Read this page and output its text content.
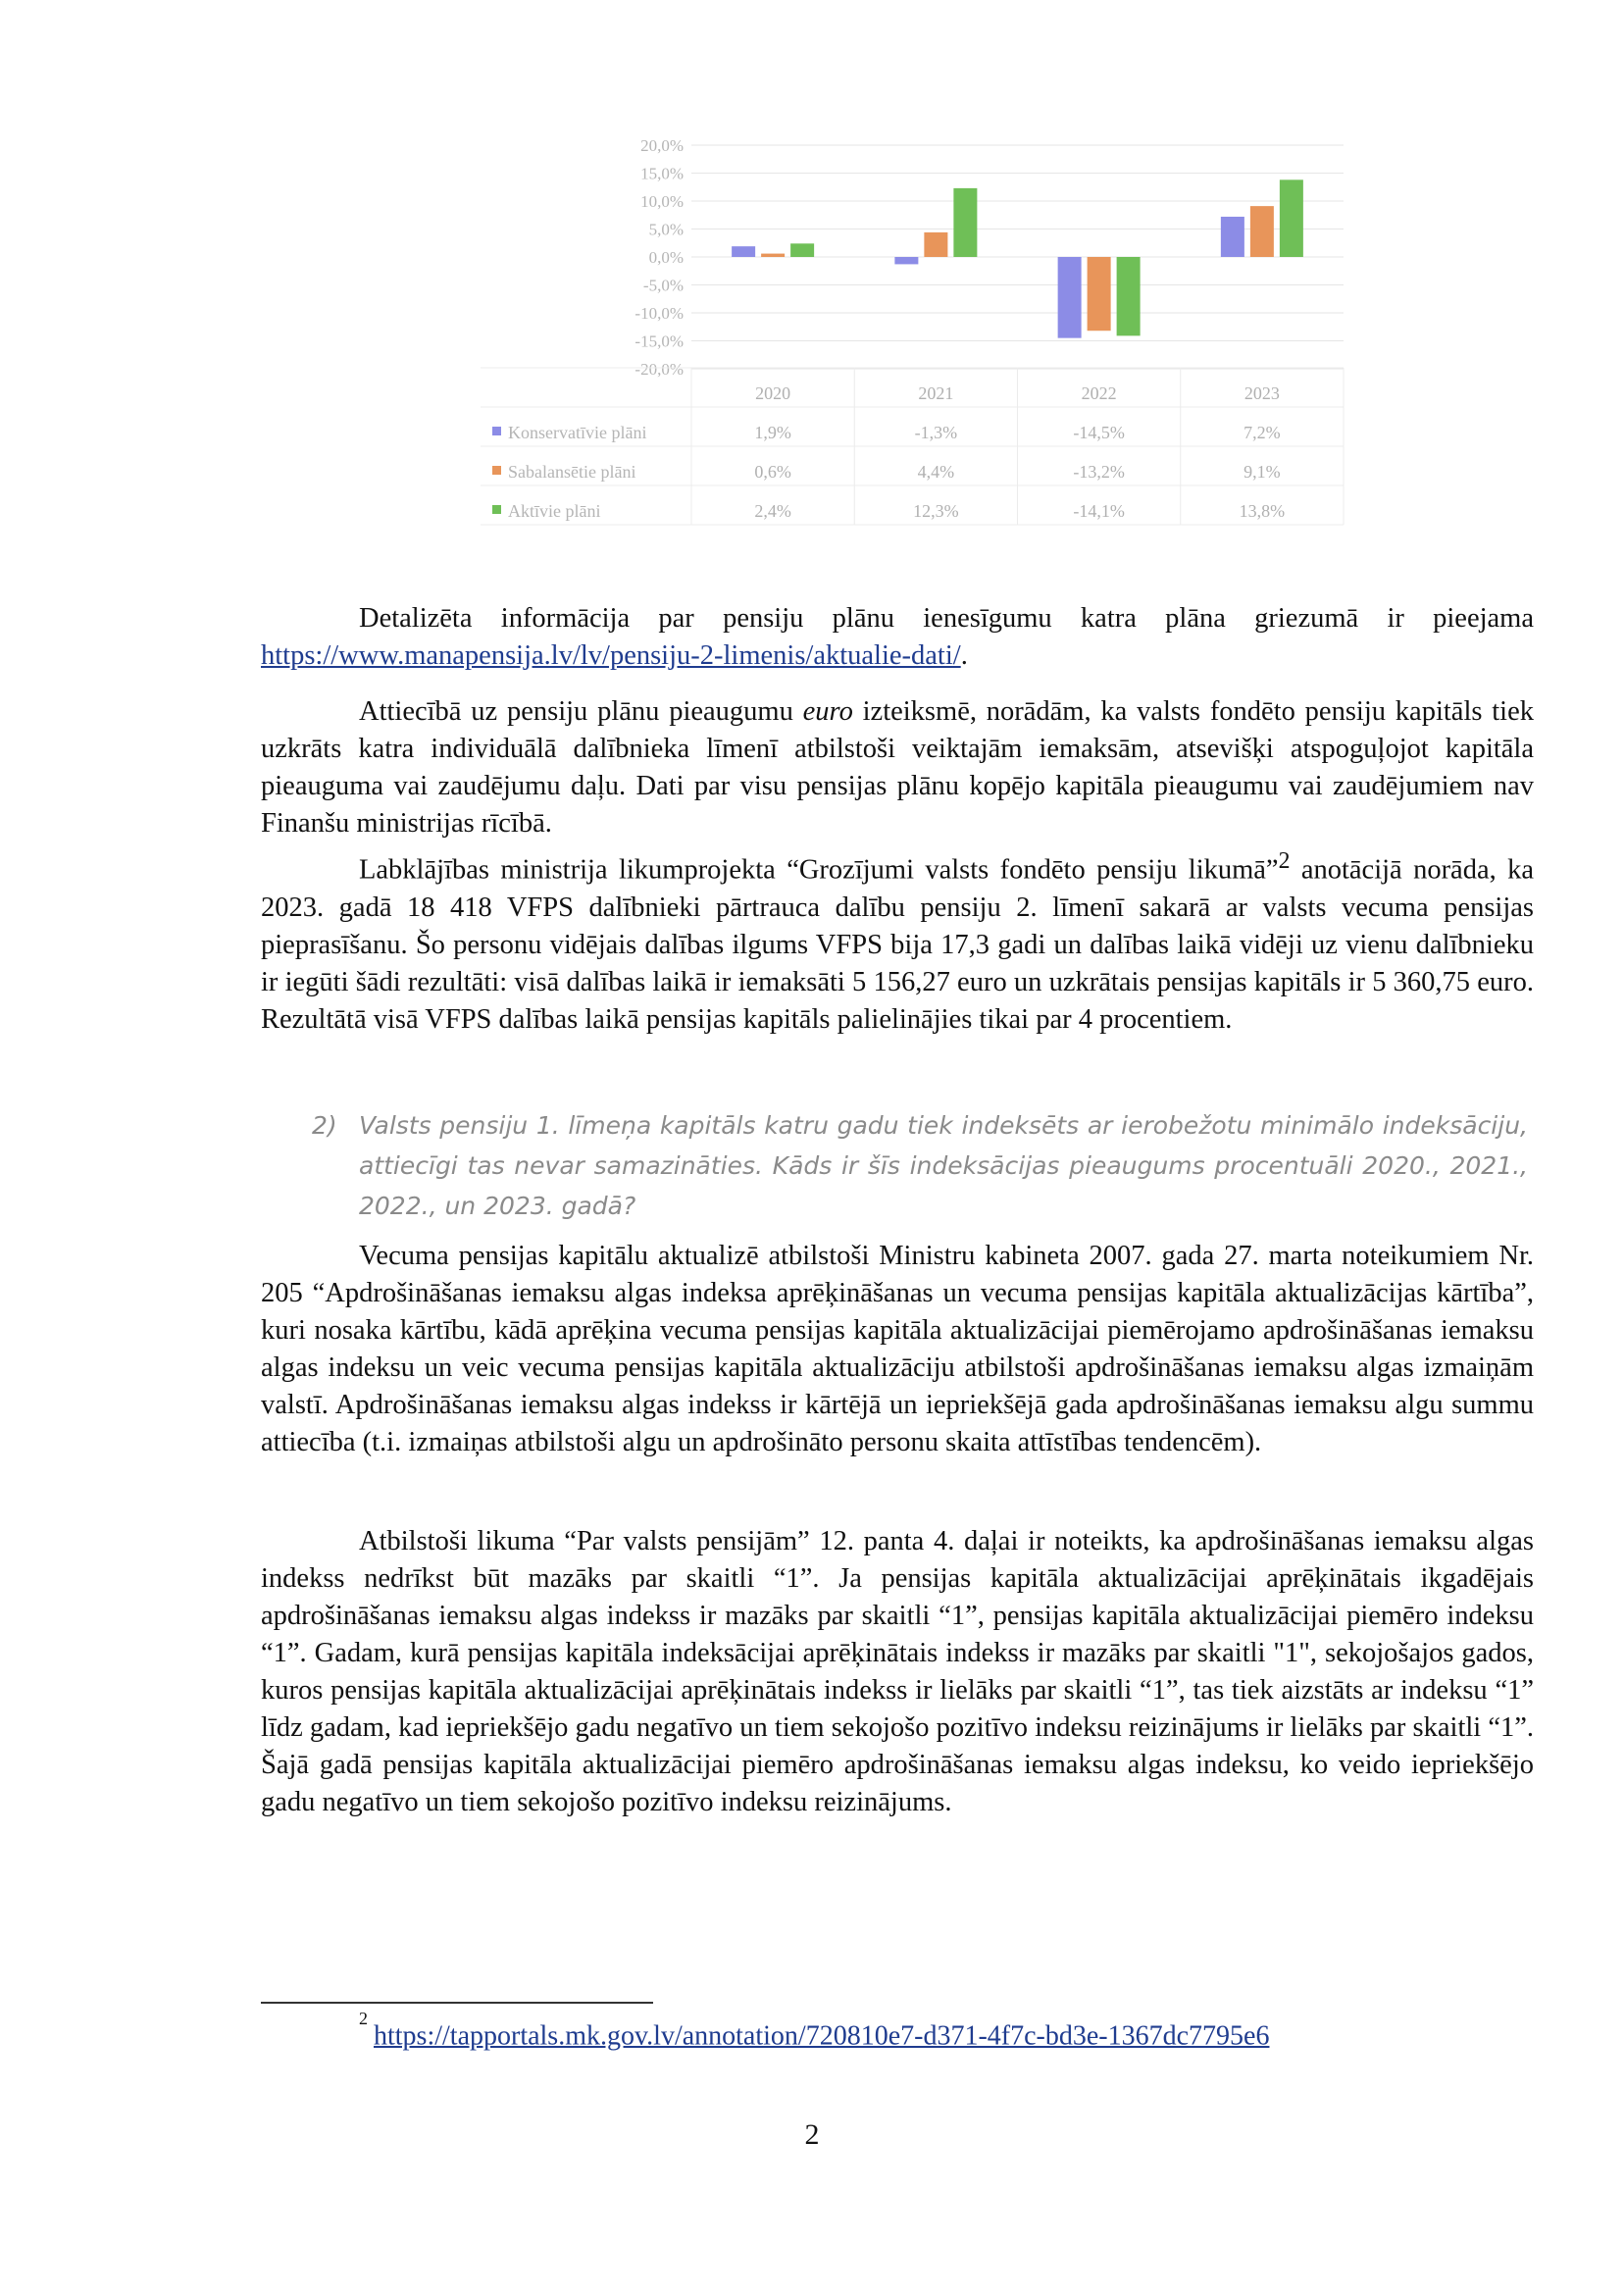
20,0%
15,0%
10,0%
5,0%
0,0%
-5,0%
-10,0%
-15,0%
-20,0%
2020	2021	2022	2023
Konservatīvie plāni	1,9%	-1,3%	-14,5%	7,2%
Sabalansētie plāni	0,6%	4,4%	-13,2%	9,1%
Aktīvie plāni	2,4%	12,3%	-14,1%	13,8%

Detalizēta informācija par pensiju plānu ienesīgumu katra plāna griezumā ir pieejama https://www.manapensija.lv/lv/pensiju-2-limenis/aktualie-dati/.

Attiecībā uz pensiju plānu pieaugumu euro izteiksmē, norādām, ka valsts fondēto pensiju kapitāls tiek uzkrāts katra individuālā dalībnieka līmenī atbilstoši veiktajām iemaksām, atsevišķi atspoguļojot kapitāla pieauguma vai zaudējumu daļu. Dati par visu pensijas plānu kopējo kapitāla pieaugumu vai zaudējumiem nav Finanšu ministrijas rīcībā.

Labklājības ministrija likumprojekta “Grozījumi valsts fondēto pensiju likumā”$^2$ anotācijā norāda, ka 2023. gadā 18 418 VFPS dalībnieki pārtrauca dalību pensiju 2. līmenī sakarā ar valsts vecuma pensijas pieprasīšanu. Šo personu vidējais dalības ilgums VFPS bija 17,3 gadi un dalības laikā vidēji uz vienu dalībnieku ir iegūti šādi rezultāti: visā dalības laikā ir iemaksāti 5 156,27 euro un uzkrātais pensijas kapitāls ir 5 360,75 euro. Rezultātā visā VFPS dalības laikā pensijas kapitāls palielinājies tikai par 4 procentiem.

2) Valsts pensiju 1. līmeņa kapitāls katru gadu tiek indeksēts ar ierobežotu minimālo indeksāciju, attiecīgi tas nevar samazināties. Kāds ir šīs indeksācijas pieaugums procentuāli 2020., 2021., 2022., un 2023. gadā?

Vecuma pensijas kapitālu aktualizē atbilstoši Ministru kabineta 2007. gada 27. marta noteikumiem Nr. 205 “Apdrošināšanas iemaksu algas indeksa aprēķināšanas un vecuma pensijas kapitāla aktualizācijas kārtība”, kuri nosaka kārtību, kādā aprēķina vecuma pensijas kapitāla aktualizācijai piemērojamo apdrošināšanas iemaksu algas indeksu un veic vecuma pensijas kapitāla aktualizāciju atbilstoši apdrošināšanas iemaksu algas izmaiņām valstī. Apdrošināšanas iemaksu algas indekss ir kārtējā un iepriekšējā gada apdrošināšanas iemaksu algu summu attiecība (t.i. izmaiņas atbilstoši algu un apdrošināto personu skaita attīstības tendencēm).

Atbilstoši likuma “Par valsts pensijām” 12. panta 4. daļai ir noteikts, ka apdrošināšanas iemaksu algas indekss nedrīkst būt mazāks par skaitli “1”. Ja pensijas kapitāla aktualizācijai aprēķinātais ikgadējais apdrošināšanas iemaksu algas indekss ir mazāks par skaitli “1”, pensijas kapitāla aktualizācijai piemēro indeksu “1”. Gadam, kurā pensijas kapitāla indeksācijai aprēķinātais indekss ir mazāks par skaitli "1", sekojošajos gados, kuros pensijas kapitāla aktualizācijai aprēķinātais indekss ir lielāks par skaitli “1”, tas tiek aizstāts ar indeksu “1” līdz gadam, kad iepriekšējo gadu negatīvo un tiem sekojošo pozitīvo indeksu reizinājums ir lielāks par skaitli “1”. Šajā gadā pensijas kapitāla aktualizācijai piemēro apdrošināšanas iemaksu algas indeksu, ko veido iepriekšējo gadu negatīvo un tiem sekojošo pozitīvo indeksu reizinājums.

$^2$https://tapportals.mk.gov.lv/annotation/720810e7-d371-4f7c-bd3e-1367dc7795e6
2
